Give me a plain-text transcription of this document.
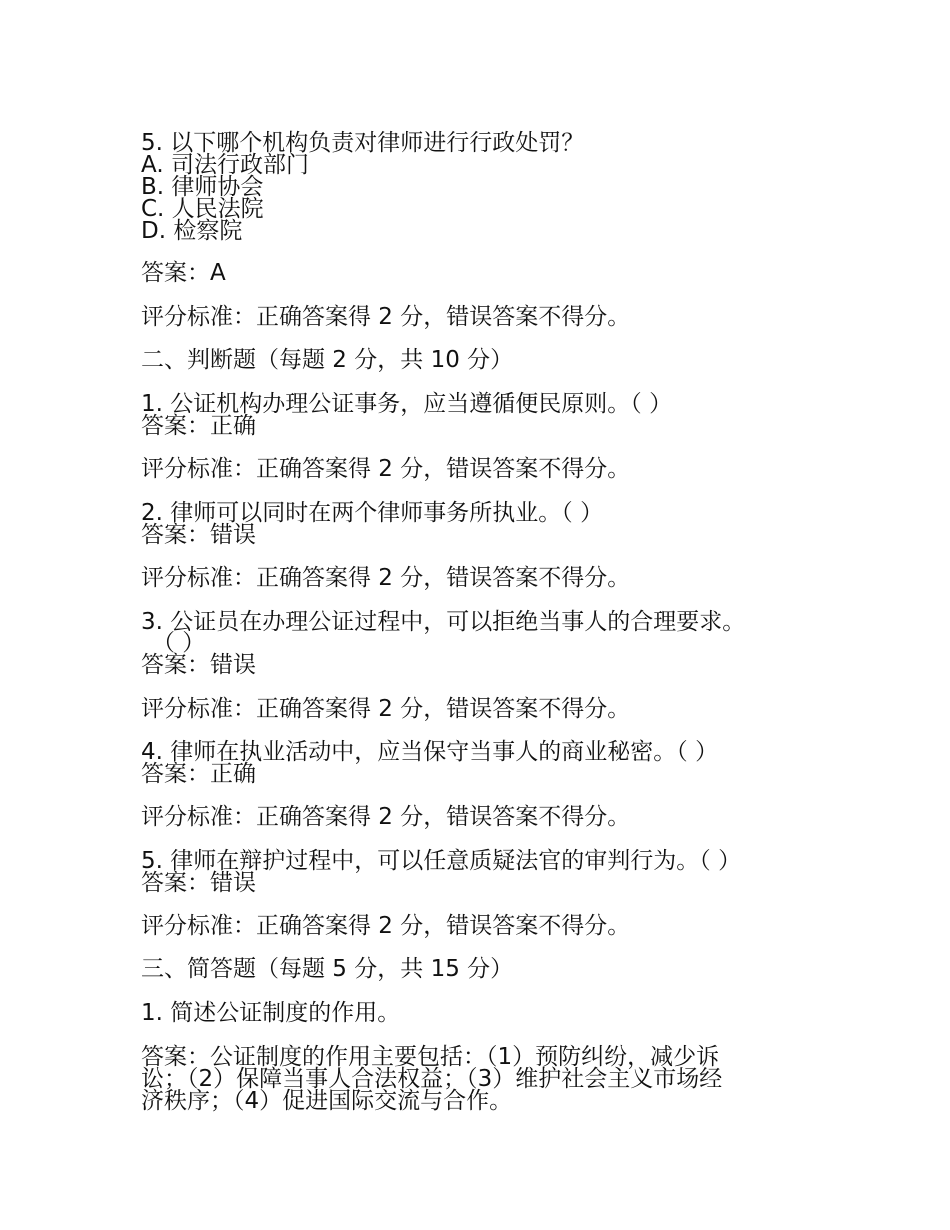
5. 以下哪个机构负责对律师进行行政处罚？
A. 司法行政部门
B. 律师协会
C. 人民法院
D. 检察院
答案：A
评分标准：正确答案得 2 分，错误答案不得分。
二、判断题（每题 2 分，共 10 分）
1. 公证机构办理公证事务，应当遵循便民原则。（ ）
答案：正确
评分标准：正确答案得 2 分，错误答案不得分。
2. 律师可以同时在两个律师事务所执业。（ ）
答案：错误
评分标准：正确答案得 2 分，错误答案不得分。
3. 公证员在办理公证过程中，可以拒绝当事人的合理要求。
（ ）
答案：错误
评分标准：正确答案得 2 分，错误答案不得分。
4. 律师在执业活动中，应当保守当事人的商业秘密。（ ）
答案：正确
评分标准：正确答案得 2 分，错误答案不得分。
5. 律师在辩护过程中，可以任意质疑法官的审判行为。（ ）
答案：错误
评分标准：正确答案得 2 分，错误答案不得分。
三、简答题（每题 5 分，共 15 分）
1. 简述公证制度的作用。
答案：公证制度的作用主要包括：（1）预防纠纷，减少诉
讼；（2）保障当事人合法权益；（3）维护社会主义市场经
济秩序；（4）促进国际交流与合作。
